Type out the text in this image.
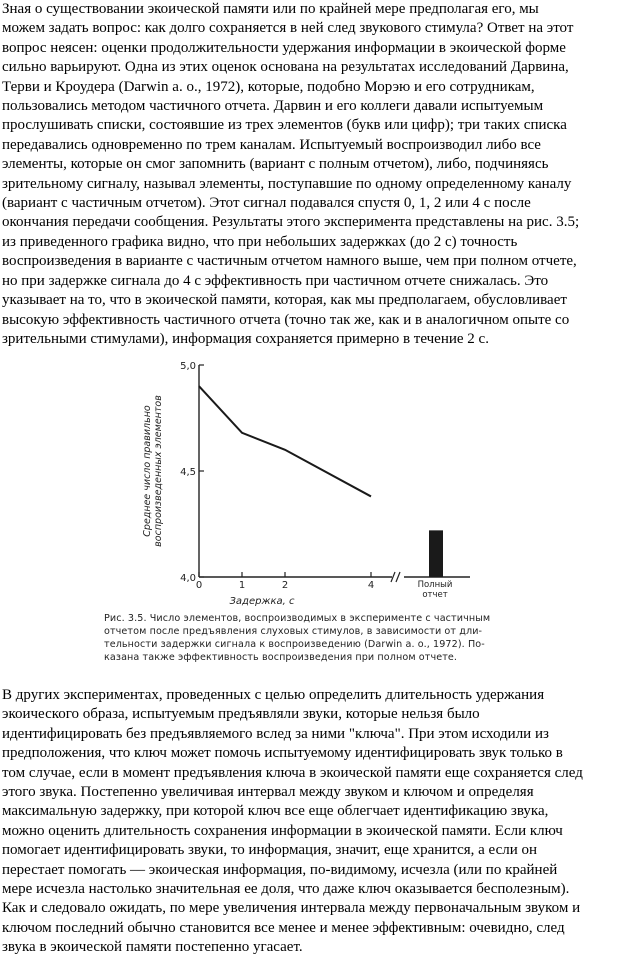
Зная о существовании экоической памяти или по крайней мере предполагая его, мы
можем задать вопрос: как долго сохраняется в ней след звукового стимула? Ответ на этот
вопрос неясен: оценки продолжительности удержания информации в экоической форме
сильно варьируют. Одна из этих оценок основана на результатах исследований Дарвина,
Терви и Кроудера (Darwin a. o., 1972), которые, подобно Морэю и его сотрудникам,
пользовались методом частичного отчета. Дарвин и его коллеги давали испытуемым
прослушивать списки, состоявшие из трех элементов (букв или цифр); три таких списка
передавались одновременно по трем каналам. Испытуемый воспроизводил либо все
элементы, которые он смог запомнить (вариант с полным отчетом), либо, подчиняясь
зрительному сигналу, называл элементы, поступавшие по одному определенному каналу
(вариант с частичным отчетом). Этот сигнал подавался спустя 0, 1, 2 или 4 с после
окончания передачи сообщения. Результаты этого эксперимента представлены на рис. 3.5;
из приведенного графика видно, что при небольших задержках (до 2 с) точность
воспроизведения в варианте с частичным отчетом намного выше, чем при полном отчете,
но при задержке сигнала до 4 с эффективность при частичном отчете снижалась. Это
указывает на то, что в экоической памяти, которая, как мы предполагаем, обусловливает
высокую эффективность частичного отчета (точно так же, как и в аналогичном опыте со
зрительными стимулами), информация сохраняется примерно в течение 2 с.

4,0
4,5
5,0
0	1	2	4
Среднее число правильно воспроизведенных элементов
Полный
отчет
Задержка, с

Рис. 3.5. Число элементов, воспроизводимых в эксперименте с частичным
отчетом после предъявления слуховых стимулов, в зависимости от дли-
тельности задержки сигнала к воспроизведению (Darwin a. o., 1972). По-
казана также эффективность воспроизведения при полном отчете.

В других экспериментах, проведенных с целью определить длительность удержания
экоического образа, испытуемым предъявляли звуки, которые нельзя было
идентифицировать без предъявляемого вслед за ними "ключа". При этом исходили из
предположения, что ключ может помочь испытуемому идентифицировать звук только в
том случае, если в момент предъявления ключа в экоической памяти еще сохраняется след
этого звука. Постепенно увеличивая интервал между звуком и ключом и определяя
максимальную задержку, при которой ключ все еще облегчает идентификацию звука,
можно оценить длительность сохранения информации в экоической памяти. Если ключ
помогает идентифицировать звуки, то информация, значит, еще хранится, а если он
перестает помогать — экоическая информация, по-видимому, исчезла (или по крайней
мере исчезла настолько значительная ее доля, что даже ключ оказывается бесполезным).
Как и следовало ожидать, по мере увеличения интервала между первоначальным звуком и
ключом последний обычно становится все менее и менее эффективным: очевидно, след
звука в экоической памяти постепенно угасает.
